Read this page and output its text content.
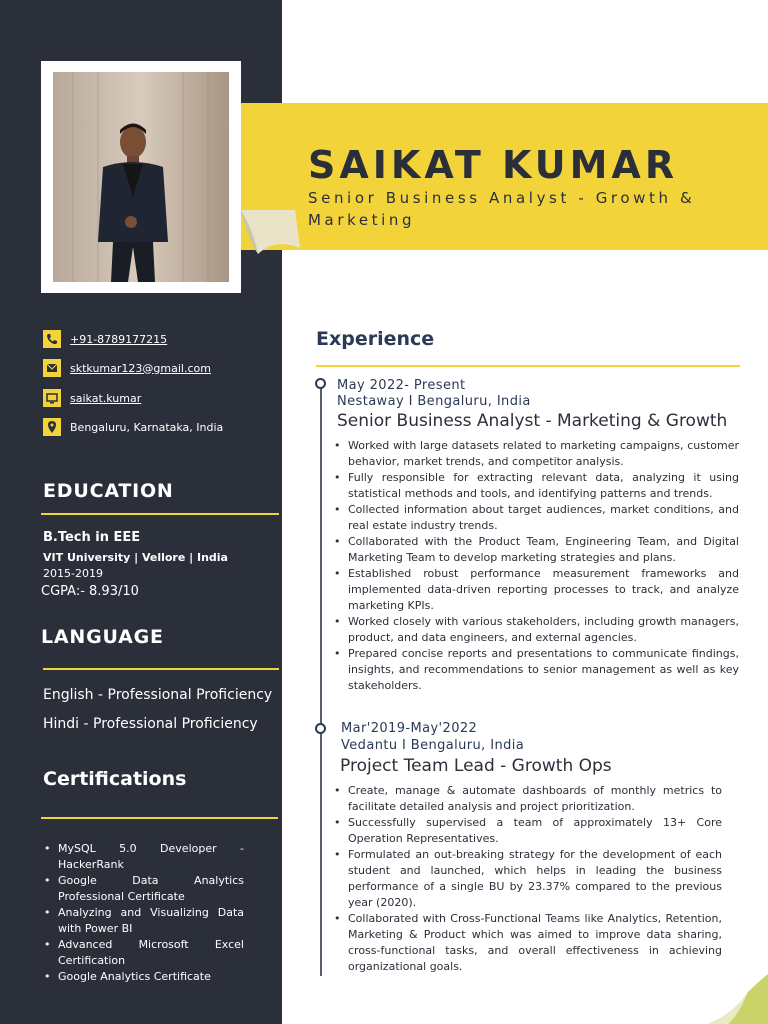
SAIKAT KUMAR
Senior Business Analyst - Growth & Marketing
+91-8789177215
sktkumar123@gmail.com
saikat.kumar
Bengaluru, Karnataka, India
EDUCATION
B.Tech in EEE
VIT University | Vellore | India
2015-2019
CGPA:- 8.93/10
LANGUAGE
English - Professional Proficiency
Hindi - Professional Proficiency
Certifications
• MySQL 5.0 Developer - HackerRank
• Google Data Analytics Professional Certificate
• Analyzing and Visualizing Data with Power BI
• Advanced Microsoft Excel Certification
• Google Analytics Certificate
Experience
May 2022- Present
Nestaway I Bengaluru, India
Senior Business Analyst - Marketing & Growth
• Worked with large datasets related to marketing campaigns, customer behavior, market trends, and competitor analysis.
• Fully responsible for extracting relevant data, analyzing it using statistical methods and tools, and identifying patterns and trends.
• Collected information about target audiences, market conditions, and real estate industry trends.
• Collaborated with the Product Team, Engineering Team, and Digital Marketing Team to develop marketing strategies and plans.
• Established robust performance measurement frameworks and implemented data-driven reporting processes to track, and analyze marketing KPIs.
• Worked closely with various stakeholders, including growth managers, product, and data engineers, and external agencies.
• Prepared concise reports and presentations to communicate findings, insights, and recommendations to senior management as well as key stakeholders.
Mar'2019-May'2022
Vedantu I Bengaluru, India
Project Team Lead - Growth Ops
• Create, manage & automate dashboards of monthly metrics to facilitate detailed analysis and project prioritization.
• Successfully supervised a team of approximately 13+ Core Operation Representatives.
• Formulated an out-breaking strategy for the development of each student and launched, which helps in leading the business performance of a single BU by 23.37% compared to the previous year (2020).
• Collaborated with Cross-Functional Teams like Analytics, Retention, Marketing & Product which was aimed to improve data sharing, cross-functional tasks, and overall effectiveness in achieving organizational goals.
